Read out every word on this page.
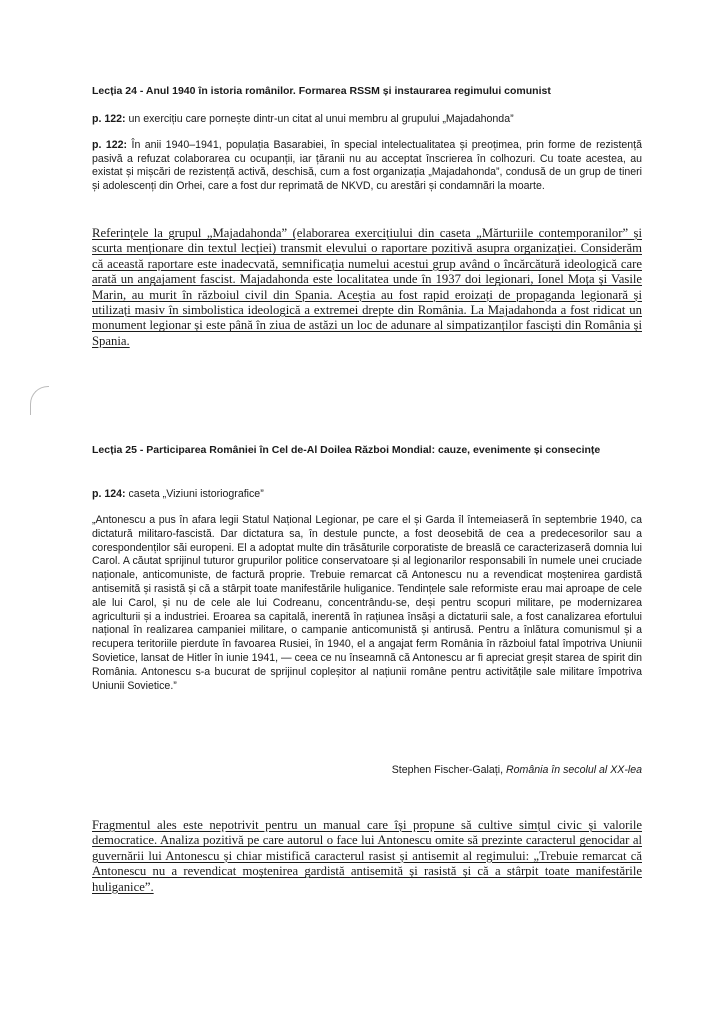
Lecția 24 - Anul 1940 în istoria românilor. Formarea RSSM și instaurarea regimului comunist
p. 122: un exercițiu care pornește dintr-un citat al unui membru al grupului „Majadahonda”
p. 122: În anii 1940–1941, populația Basarabiei, în special intelectualitatea și preoțimea, prin forme de rezistență pasivă a refuzat colaborarea cu ocupanții, iar țăranii nu au acceptat înscrierea în colhozuri. Cu toate acestea, au existat și mișcări de rezistență activă, deschisă, cum a fost organizația „Majadahonda”, condusă de un grup de tineri și adolescenți din Orhei, care a fost dur reprimată de NKVD, cu arestări și condamnări la moarte.
Referințele la grupul „Majadahonda” (elaborarea exercițiului din caseta „Mărturiile contemporanilor” și scurta menționare din textul lecției) transmit elevului o raportare pozitivă asupra organizației. Considerăm că această raportare este inadecvată, semnificația numelui acestui grup având o încărcătură ideologică care arată un angajament fascist. Majadahonda este localitatea unde în 1937 doi legionari, Ionel Moța și Vasile Marin, au murit în războiul civil din Spania. Aceștia au fost rapid eroizați de propaganda legionară și utilizați masiv în simbolistica ideologică a extremei drepte din România. La Majadahonda a fost ridicat un monument legionar și este până în ziua de astăzi un loc de adunare al simpatizanților fasciști din România și Spania.
Lecția 25 - Participarea României în Cel de-Al Doilea Război Mondial: cauze, evenimente și consecințe
p. 124: caseta „Viziuni istoriografice”
„Antonescu a pus în afara legii Statul Național Legionar, pe care el și Garda îl întemeiaseră în septembrie 1940, ca dictatură militaro-fascistă. Dar dictatura sa, în destule puncte, a fost deosebită de cea a predecesorilor sau a corespondenților săi europeni. El a adoptat multe din trăsăturile corporatiste de breaslă ce caracterizaseră domnia lui Carol. A căutat sprijinul tuturor grupurilor politice conservatoare și al legionarilor responsabili în numele unei cruciade naționale, anticomuniste, de factură proprie. Trebuie remarcat că Antonescu nu a revendicat moștenirea gardistă antisemită și rasistă și că a stârpit toate manifestările huliganice. Tendințele sale reformiste erau mai aproape de cele ale lui Carol, și nu de cele ale lui Codreanu, concentrându-se, deși pentru scopuri militare, pe modernizarea agriculturii și a industriei. Eroarea sa capitală, inerentă în rațiunea însăși a dictaturii sale, a fost canalizarea efortului național în realizarea campaniei militare, o campanie anticomunistă și antirusă. Pentru a înlătura comunismul și a recupera teritoriile pierdute în favoarea Rusiei, în 1940, el a angajat ferm România în războiul fatal împotriva Uniunii Sovietice, lansat de Hitler în iunie 1941, — ceea ce nu înseamnă că Antonescu ar fi apreciat greșit starea de spirit din România. Antonescu s-a bucurat de sprijinul copleșitor al națiunii române pentru activitățile sale militare împotriva Uniunii Sovietice.”
Stephen Fischer-Galați, România în secolul al XX-lea
Fragmentul ales este nepotrivit pentru un manual care își propune să cultive simțul civic și valorile democratice. Analiza pozitivă pe care autorul o face lui Antonescu omite să prezinte caracterul genocidar al guvernării lui Antonescu și chiar mistifică caracterul rasist și antisemit al regimului: „Trebuie remarcat că Antonescu nu a revendicat moștenirea gardistă antisemită și rasistă și că a stârpit toate manifestările huliganice”.
